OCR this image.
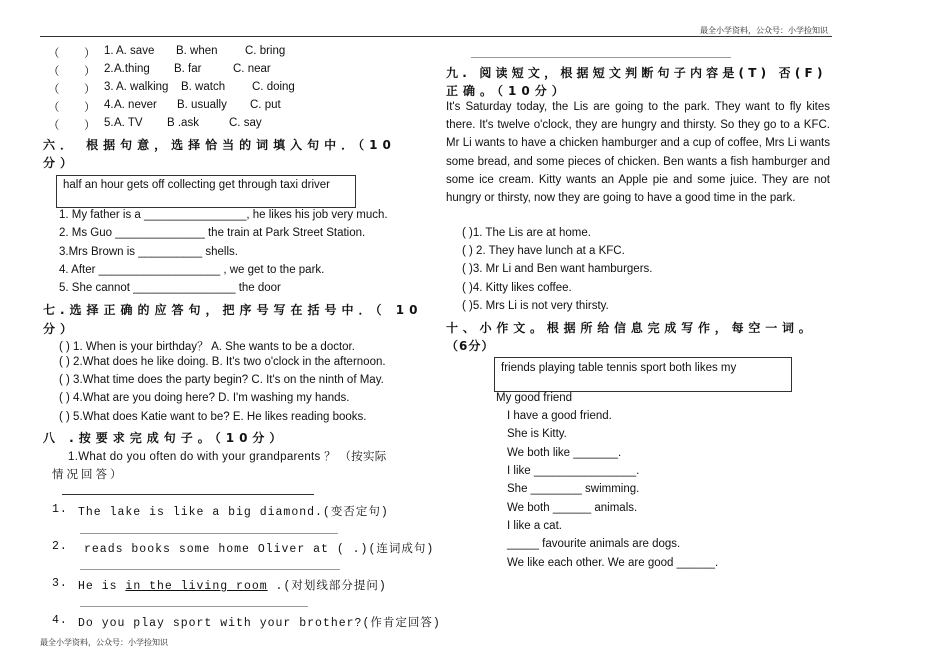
最全小学资料，公众号：小学捡知识
最全小学资料，公众号：小学捡知识
（ ） 1. A. save B. when C. bring
（ ） 2. A.thing B. far	C. near
（ ） 3. A. walking B. watch C. doing
（ ） 4. A. never B. usually C. put
（ ） 5. A. TV B .ask	C. say
六． 根据句意，选择恰当的词填入句中．（10
分）
half an hour gets off collecting get through taxi driver
1. My father is a ________________, he likes his job very much.
2. Ms Guo ______________ the train at Park Street Station.
3.Mrs Brown is __________ shells.
4. After ___________________ , we get to the park.
5. She cannot ________________ the door
七.选择正确的应答句，把序号写在括号中．（ 10
分）
( ) 1. When is your birthday？ A. She wants to be a doctor.
( ) 2.What does he like doing. B. It's two o'clock in the afternoon.
( ) 3.What time does the party begin? C. It's on the ninth of May.
( ) 4.What are you doing here? D. I'm washing my hands.
( ) 5.What does Katie want to be? E. He likes reading books.
八 .按要求完成句子。（10分）
1.What do you often do with your grandparents ？ （按实际
情况回答）
1. The lake is like a big diamond.(变否定句)
2. reads books some home Oliver at ( .)(连词成句)
3. He is in the living room .(对划线部分提问)
4. Do you play sport with your brother?(作肯定回答)
九. 阅读短文，根据短文判断句子内容是(T) 否(F)
正确。（10分）
It's Saturday today, the Lis are going to the park. They want to fly kites there. It's twelve o'clock, they are hungry and thirsty. So they go to a KFC. Mr Li wants to have a chicken hamburger and a cup of coffee, Mrs Li wants some bread, and some pieces of chicken. Ben wants a fish hamburger and some ice cream. Kitty wants an Apple pie and some juice. They are not hungry or thirsty, now they are going to have a good time in the park.
( )1. The Lis are at home.
( ) 2. They have lunch at a KFC.
( )3. Mr Li and Ben want hamburgers.
( )4. Kitty likes coffee.
( )5. Mrs Li is not very thirsty.
十、小作文。根据所给信息完成写作，每空一词。
（6分）
friends playing table tennis sport both likes my
My good friend
I have a good friend.
She is Kitty.
We both like _______.
I like ________________.
She ________ swimming.
We both ______ animals.
I like a cat.
_____ favourite animals are dogs.
We like each other. We are good ______.
